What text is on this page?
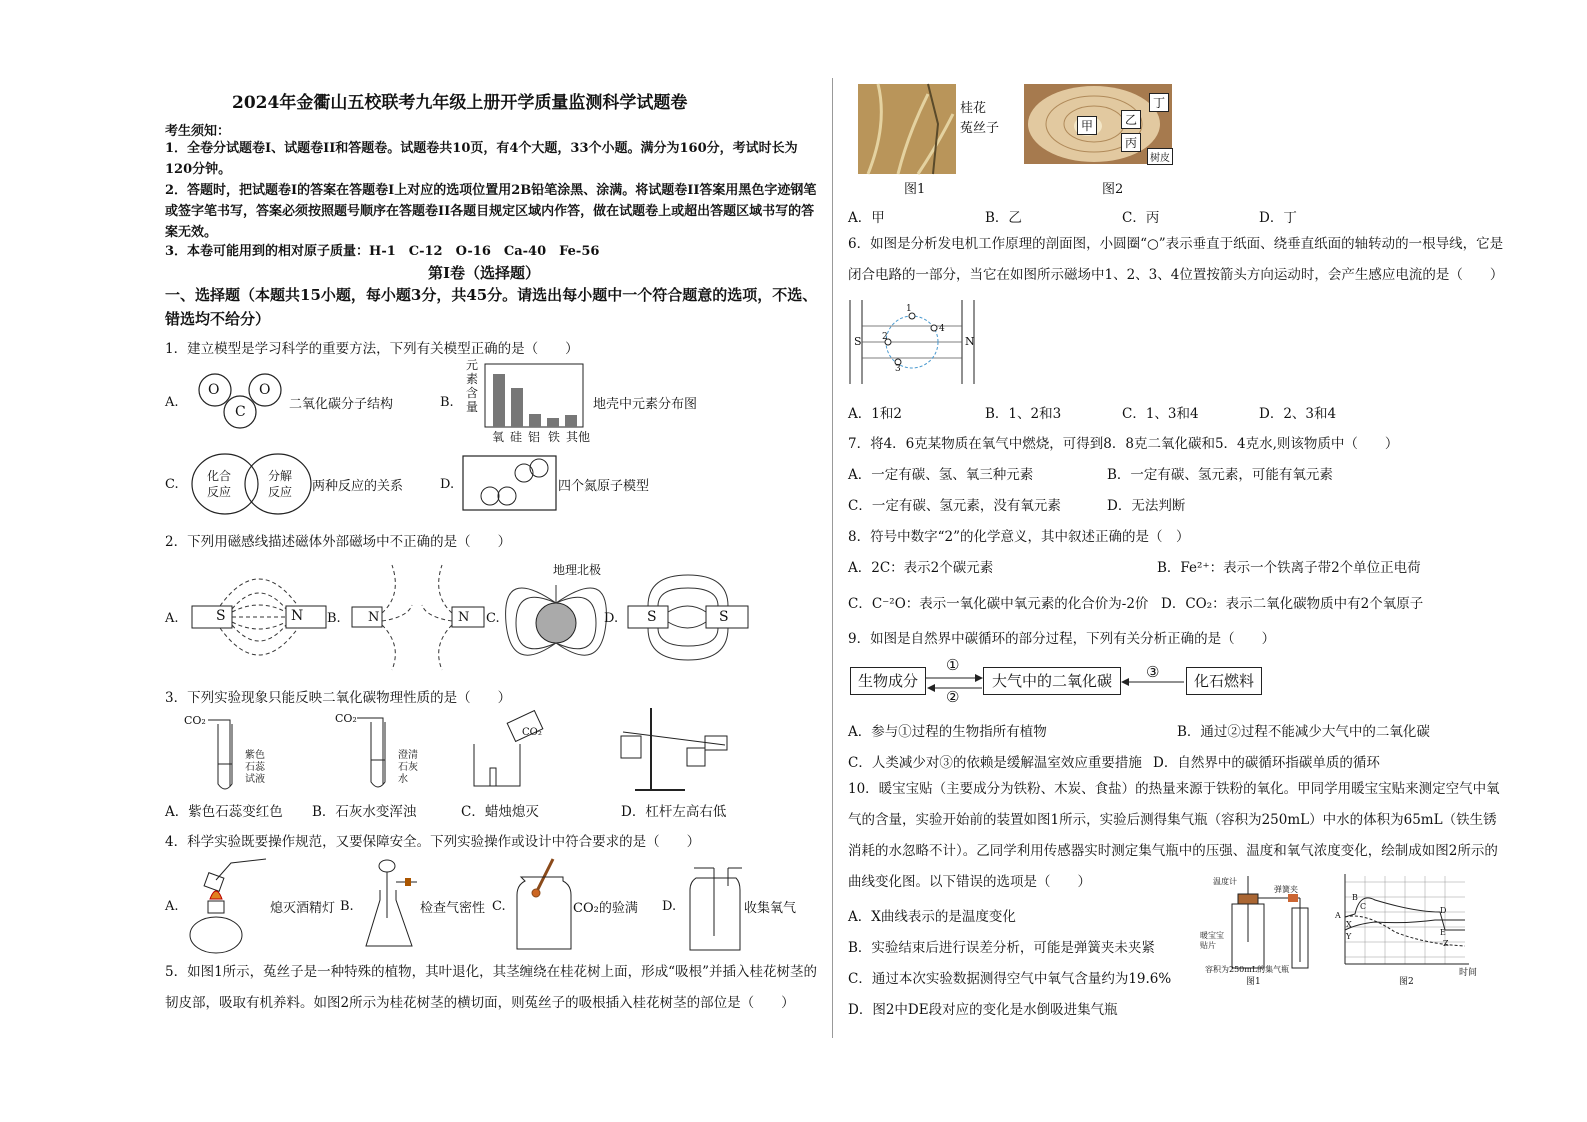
2024年金衢山五校联考九年级上册开学质量监测科学试题卷
考生须知：
1．全卷分试题卷I、试题卷II和答题卷。试题卷共10页，有4个大题，33个小题。满分为160分，考试时长为120分钟。
2．答题时，把试题卷I的答案在答题卷I上对应的选项位置用2B铅笔涂黑、涂满。将试题卷II答案用黑色字迹钢笔或签字笔书写，答案必须按照题号顺序在答题卷II各题目规定区域内作答，做在试题卷上或超出答题区域书写的答案无效。
3．本卷可能用到的相对原子质量：H-1　C-12　O-16　Ca-40　Fe-56
第Ⅰ卷（选择题）
一、选择题（本题共15小题，每小题3分，共45分。请选出每小题中一个符合题意的选项，不选、错选均不给分）
1．建立模型是学习科学的重要方法，下列有关模型正确的是（　　）
A.
O	O
C	二氧化碳分子结构	B.
元素含量
氧 硅 铝 铁 其他
地壳中元素分布图
C.
化合反应
分解反应	两种反应的关系	D.	四个氮原子模型
2．下列用磁感线描述磁体外部磁场中不正确的是（　　）
A.	S	N B. N	N C.
地理北极
D. S	S
3．下列实验现象只能反映二氧化碳物理性质的是（　　）
CO₂
紫色石蕊试液
CO₂
澄清石灰水
CO₂
A．紫色石蕊变红色 B．石灰水变浑浊	C．蜡烛熄灭	D．杠杆左高右低
4．科学实验既要操作规范，又要保障安全。下列实验操作或设计中符合要求的是（　　）
A.	熄灭酒精灯 B.	检查气密性 C.	CO₂的验满 D.	收集氧气
5．如图1所示，菟丝子是一种特殊的植物，其叶退化，其茎缠绕在桂花树上面，形成“吸根”并插入桂花树茎的韧皮部，吸取有机养料。如图2所示为桂花树茎的横切面，则菟丝子的吸根插入桂花树茎的部位是（　　）
桂花
菟丝子
图1
甲	乙
丙
丁
树皮
图2
A．甲	B．乙	C．丙	D．丁
6．如图是分析发电机工作原理的剖面图，小圆圈“○”表示垂直于纸面、绕垂直纸面的轴转动的一根导线，它是闭合电路的一部分，当它在如图所示磁场中1、2、3、4位置按箭头方向运动时，会产生感应电流的是（　　）
S	N
1
2
3
4
A．1和2	B．1、2和3	C．1、3和4	D．2、3和4
7．将4．6克某物质在氧气中燃烧，可得到8．8克二氧化碳和5．4克水,则该物质中（　　）
A．一定有碳、氢、氧三种元素	B．一定有碳、氢元素，可能有氧元素
C．一定有碳、氢元素，没有氧元素	D．无法判断
8．符号中数字“2”的化学意义，其中叙述正确的是（　）
A．2C：表示2个碳元素	B．Fe²⁺：表示一个铁离子带2个单位正电荷
C．C⁻²O：表示一氧化碳中氧元素的化合价为-2价 D．CO₂：表示二氧化碳物质中有2个氧原子
9．如图是自然界中碳循环的部分过程，下列有关分析正确的是（　　）
生物成分	大气中的二氧化碳	化石燃料
①
②
③
A．参与①过程的生物指所有植物	B．通过②过程不能减少大气中的二氧化碳
C．人类减少对③的依赖是缓解温室效应重要措施 D．自然界中的碳循环指碳单质的循环
10．暖宝宝贴（主要成分为铁粉、木炭、食盐）的热量来源于铁粉的氧化。甲同学用暖宝宝贴来测定空气中氧气的含量，实验开始前的装置如图1所示，实验后测得集气瓶（容积为250mL）中水的体积为65mL（铁生锈消耗的水忽略不计）。乙同学利用传感器实时测定集气瓶中的压强、温度和氧气浓度变化，绘制成如图2所示的曲线变化图。以下错误的选项是（　　）
A．X曲线表示的是温度变化
B．实验结束后进行误差分析，可能是弹簧夹未夹紧
C．通过本次实验数据测得空气中氧气含量约为19.6%
D．图2中DE段对应的变化是水倒吸进集气瓶
温度计
弹簧夹
暖宝宝贴片
容积为250mL的集气瓶
图1
A
B
C	D
E
X
Y
Z
时间
图2
